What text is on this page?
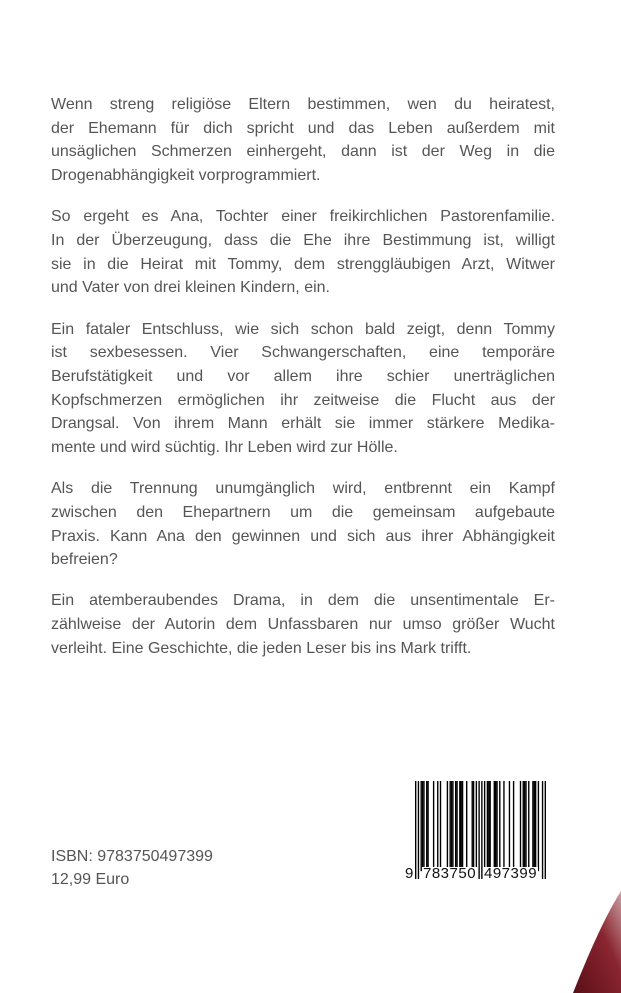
Wenn streng religiöse Eltern bestimmen, wen du heiratest,
der Ehemann für dich spricht und das Leben außerdem mit
unsäglichen Schmerzen einhergeht, dann ist der Weg in die
Drogenabhängigkeit vorprogrammiert.
So ergeht es Ana, Tochter einer freikirchlichen Pastorenfamilie.
In der Überzeugung, dass die Ehe ihre Bestimmung ist, willigt
sie in die Heirat mit Tommy, dem strenggläubigen Arzt, Witwer
und Vater von drei kleinen Kindern, ein.
Ein fataler Entschluss, wie sich schon bald zeigt, denn Tommy
ist sexbesessen. Vier Schwangerschaften, eine temporäre
Berufstätigkeit und vor allem ihre schier unerträglichen
Kopfschmerzen ermöglichen ihr zeitweise die Flucht aus der
Drangsal. Von ihrem Mann erhält sie immer stärkere Medika-
mente und wird süchtig. Ihr Leben wird zur Hölle.
Als die Trennung unumgänglich wird, entbrennt ein Kampf
zwischen den Ehepartnern um die gemeinsam aufgebaute
Praxis. Kann Ana den gewinnen und sich aus ihrer Abhängigkeit
befreien?
Ein atemberaubendes Drama, in dem die unsentimentale Er-
zählweise der Autorin dem Unfassbaren nur umso größer Wucht
verleiht. Eine Geschichte, die jeden Leser bis ins Mark trifft.
ISBN: 9783750497399
12,99 Euro	9 783750 497399
